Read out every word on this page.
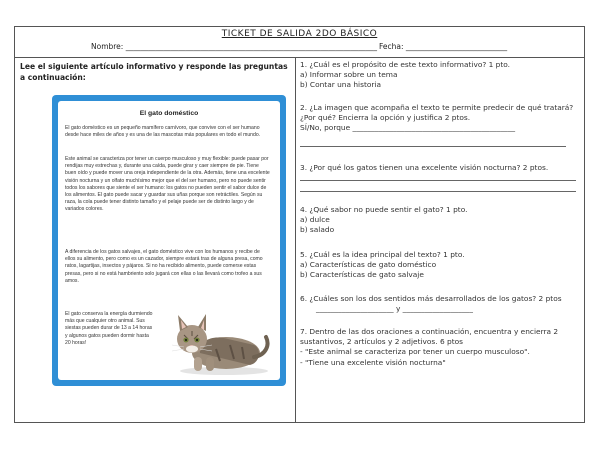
TICKET DE SALIDA 2DO BÁSICO
Nombre: ___________________________________________________________________ Fecha: ___________________________
Lee el siguiente artículo informativo y responde las preguntas a continuación:
El gato doméstico
El gato doméstico es un pequeño mamífero carnívoro, que convive con el ser humano desde hace miles de años y es una de las mascotas más populares en todo el mundo.
Este animal se caracteriza por tener un cuerpo musculoso y muy flexible: puede pasar por rendijas muy estrechas y, durante una caída, puede girar y caer siempre de pie. Tiene buen oído y puede mover una oreja independiente de la otra. Además, tiene una excelente visión nocturna y un olfato muchísimo mejor que el del ser humano, pero no puede sentir todos los sabores que siente el ser humano: los gatos no pueden sentir el sabor dulce de los alimentos. El gato puede sacar y guardar sus uñas porque son retráctiles. Según su raza, la cola puede tener distinto tamaño y el pelaje puede ser de distinto largo y de variados colores.
A diferencia de los gatos salvajes, el gato doméstico vive con los humanos y recibe de ellos su alimento, pero como es un cazador, siempre estará tras de alguna presa, como ratos, lagartijas, insectos y pájaros. Si no ha recibido alimento, puede comerse estas presas, pero si no está hambriento solo jugará con ellas o las llevará como trofeo a sus amos.
El gato conserva la energía durmiendo más que cualquier otro animal. Sus siestas pueden durar de 13 a 14 horas y algunos gatos pueden dormir hasta 20 horas!
1. ¿Cuál es el propósito de este texto informativo? 1 pto.
a) Informar sobre un tema
b) Contar una historia
2. ¿La imagen que acompaña el texto te permite predecir de qué tratará? ¿Por qué? Encierra la opción y justifica 2 ptos.
SÍ/No, porque ____________________________________________
3. ¿Por qué los gatos tienen una excelente visión nocturna? 2 ptos.
4. ¿Qué sabor no puede sentir el gato? 1 pto.
a) dulce
b) salado
5. ¿Cuál es la idea principal del texto? 1 pto.
a) Características de gato doméstico
b) Características de gato salvaje
6. ¿Cuáles son los dos sentidos más desarrollados de los gatos? 2 ptos
_____________________ y ___________________
7. Dentro de las dos oraciones a continuación, encuentra y encierra 2 sustantivos, 2 artículos y 2 adjetivos. 6 ptos
- "Este animal se caracteriza por tener un cuerpo musculoso".
- "Tiene una excelente visión nocturna"
